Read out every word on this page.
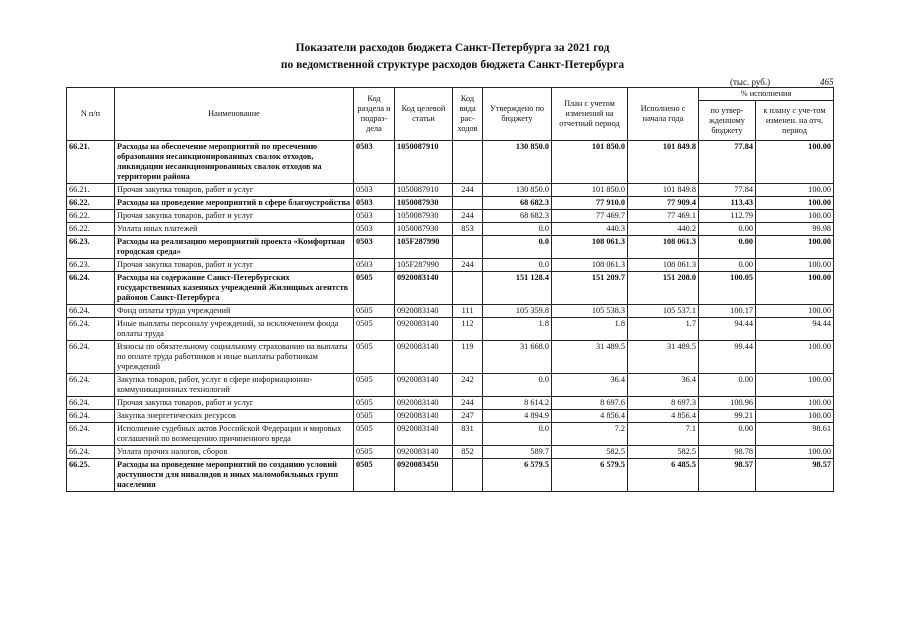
Показатели расходов бюджета Санкт-Петербурга за 2021 год
по ведомственной структуре расходов бюджета Санкт-Петербурга
(тыс. руб.)	465
N п/п	Наименование	Код раздела и подраз-дела	Код целевой статьи	Код вида рас-ходов	Утверждено по бюджету	План с учетом изменений на отчетный период	Исполнено с начала года	% исполнения	
								по утвер-жденному бюджету	к плану с уче-том изменен. на отч. период
66.21.	Расходы на обеспечение мероприятий по пресечению образования несанкционированных свалок отходов, ликвидации несанкционированных свалок отходов на территории района	0503	1050087910		130 850.0	101 850.0	101 849.8	77.84	100.00
66.21.	Прочая закупка товаров, работ и услуг	0503	1050087910	244	130 850.0	101 850.0	101 849.8	77.84	100.00
66.22.	Расходы на проведение мероприятий в сфере благоустройства	0503	1050087930		68 682.3	77 910.0	77 909.4	113.43	100.00
66.22.	Прочая закупка товаров, работ и услуг	0503	1050087930	244	68 682.3	77 469.7	77 469.1	112.79	100.00
66.22.	Уплата иных платежей	0503	1050087930	853	0.0	440.3	440.2	0.00	99.98
66.23.	Расходы на реализацию мероприятий проекта «Комфортная городская среда»	0503	105F287990		0.0	108 061.3	108 061.3	0.00	100.00
66.23.	Прочая закупка товаров, работ и услуг	0503	105F287990	244	0.0	108 061.3	108 061.3	0.00	100.00
66.24.	Расходы на содержание Санкт-Петербургских государственных казенных учреждений Жилищных агентств районов Санкт-Петербурга	0505	0920083140		151 128.4	151 209.7	151 208.0	100.05	100.00
66.24.	Фонд оплаты труда учреждений	0505	0920083140	111	105 359.8	105 538.3	105 537.1	100.17	100.00
66.24.	Иные выплаты персоналу учреждений, за исключением фонда оплаты труда	0505	0920083140	112	1.8	1.8	1.7	94.44	94.44
66.24.	Взносы по обязательному социальному страхованию на выплаты по оплате труда работников и иные выплаты работникам учреждений	0505	0920083140	119	31 668.0	31 489.5	31 489.5	99.44	100.00
66.24.	Закупка товаров, работ, услуг в сфере информационно-коммуникационных технологий	0505	0920083140	242	0.0	36.4	36.4	0.00	100.00
66.24.	Прочая закупка товаров, работ и услуг	0505	0920083140	244	8 614.2	8 697.6	8 697.3	100.96	100.00
66.24.	Закупка энергетических ресурсов	0505	0920083140	247	4 894.9	4 856.4	4 856.4	99.21	100.00
66.24.	Исполнение судебных актов Российской Федерации и мировых соглашений по возмещению причиненного вреда	0505	0920083140	831	0.0	7.2	7.1	0.00	98.61
66.24.	Уплата прочих налогов, сборов	0505	0920083140	852	589.7	582.5	582.5	98.78	100.00
66.25.	Расходы на проведение мероприятий по созданию условий доступности для инвалидов и иных маломобильных групп населения	0505	0920083450		6 579.5	6 579.5	6 485.5	98.57	98.57
